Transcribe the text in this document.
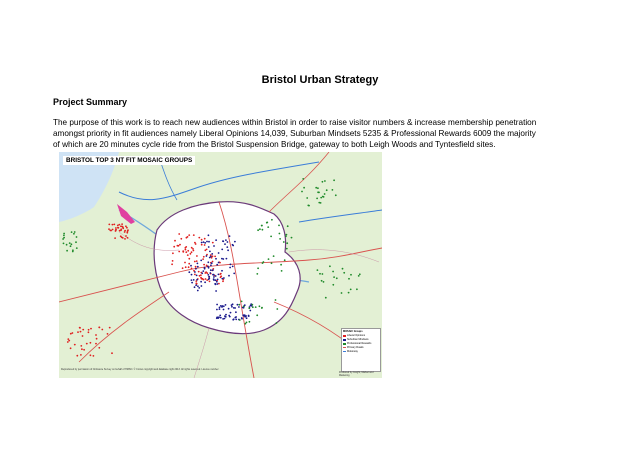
Bristol Urban Strategy
Project Summary
The purpose of this work is to reach new audiences within Bristol in order to raise visitor numbers & increase membership penetration
amongst priority in fit audiences namely Liberal Opinions 14,039, Suburban Mindsets 5235 & Professional Rewards 6009 the majority
of which are 20 minutes cycle ride from the Bristol Suspension Bridge, gateway to both Leigh Woods and Tyntesfield sites.
BRISTOL TOP 3 NT FIT MOSAIC GROUPS
MOSAIC Groups
Liberal Opinions
Suburban Mindsets
Professional Rewards
Primary Roads
Motorway
Reproduced by permission of Ordnance Survey on behalf of HMSO. © Crown copyright and database right 2013. All rights reserved. Licence number
Produced by Insight, Market and Marketing
